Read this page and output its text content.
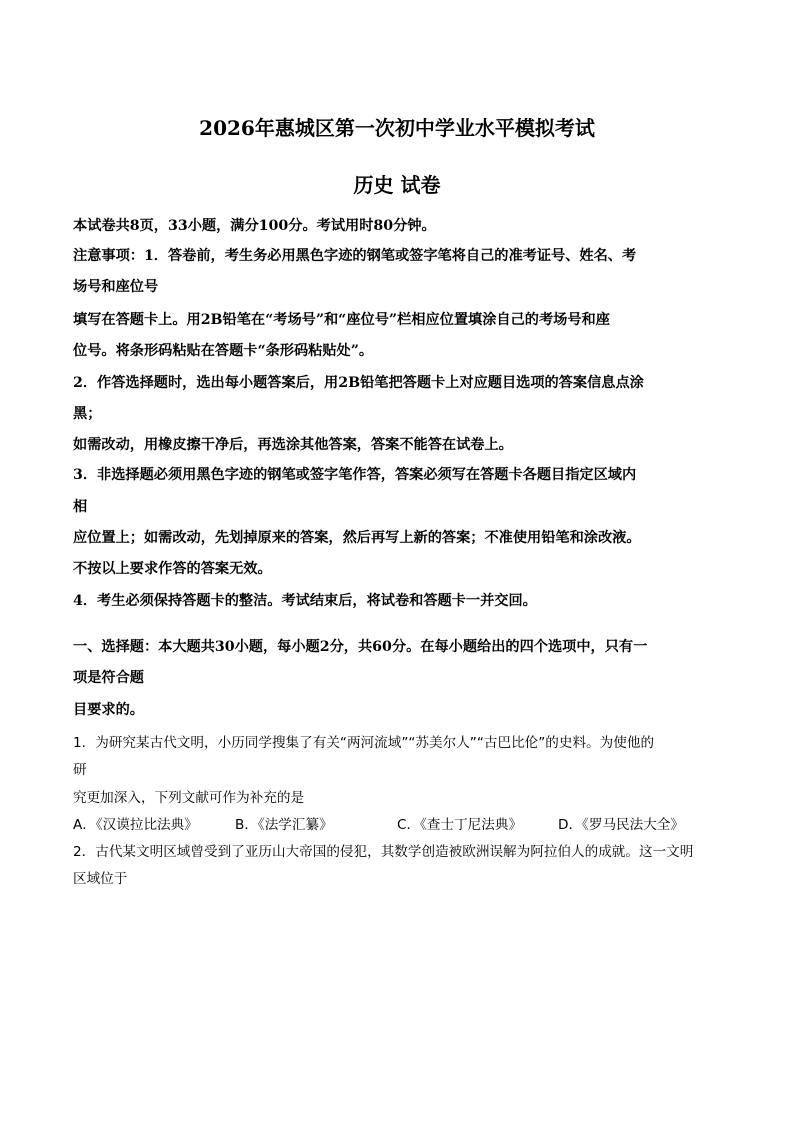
2026年惠城区第一次初中学业水平模拟考试
历史 试卷
本试卷共8页，33小题，满分100分。考试用时80分钟。
注意事项：1．答卷前，考生务必用黑色字迹的钢笔或签字笔将自己的准考证号、姓名、考
场号和座位号
填写在答题卡上。用2B铅笔在“考场号”和“座位号”栏相应位置填涂自己的考场号和座
位号。将条形码粘贴在答题卡“条形码粘贴处”。
2．作答选择题时，选出每小题答案后，用2B铅笔把答题卡上对应题目选项的答案信息点涂
黑；
如需改动，用橡皮擦干净后，再选涂其他答案，答案不能答在试卷上。
3．非选择题必须用黑色字迹的钢笔或签字笔作答，答案必须写在答题卡各题目指定区域内
相
应位置上；如需改动，先划掉原来的答案，然后再写上新的答案；不准使用铅笔和涂改液。
不按以上要求作答的答案无效。
4．考生必须保持答题卡的整洁。考试结束后，将试卷和答题卡一并交回。
一、选择题：本大题共30小题，每小题2分，共60分。在每小题给出的四个选项中，只有一
项是符合题
目要求的。
1．为研究某古代文明，小历同学搜集了有关“两河流域”“苏美尔人”“古巴比伦”的史料。为使他的
研
究更加深入，下列文献可作为补充的是
A．《汉谟拉比法典》	B．《法学汇纂》	C．《查士丁尼法典》	D．《罗马民法大全》
2．古代某文明区域曾受到了亚历山大帝国的侵犯，其数学创造被欧洲误解为阿拉伯人的成就。这一文明
区域位于
